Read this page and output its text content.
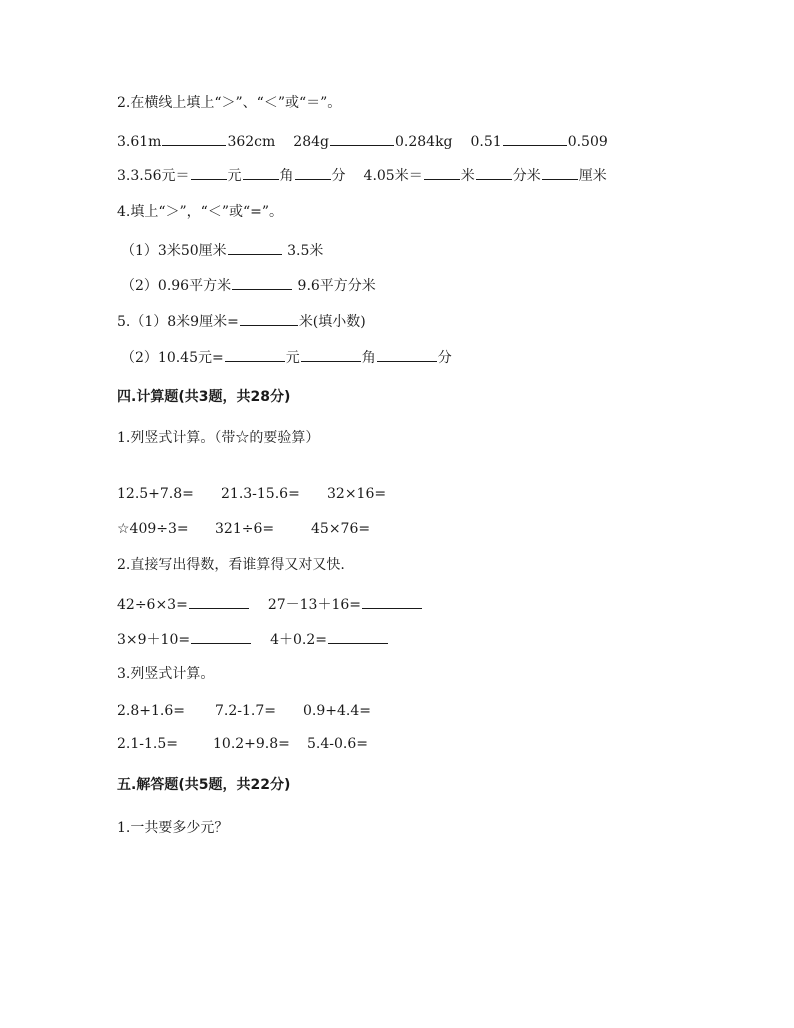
2.在横线上填上“＞”、“＜”或“＝”。
3.61m	362cm 284g	0.284kg 0.51	0.509
3.3.56元＝	元	角	分 4.05米＝	米	分米	厘米
4.填上“＞”，“＜”或“=”。
（1）3米50厘米	3.5米
（2）0.96平方米	9.6平方分米
5.（1）8米9厘米=	米(填小数)
（2）10.45元=	元	角	分
四.计算题(共3题，共28分)
1.列竖式计算。（带☆的要验算）
12.5+7.8= 21.3-15.6= 32×16=
☆409÷3= 321÷6=	45×76=
2.直接写出得数，看谁算得又对又快.
42÷6×3=	27－13＋16=
3×9＋10=	4＋0.2=
3.列竖式计算。
2.8+1.6= 7.2-1.7= 0.9+4.4=
2.1-1.5=	10.2+9.8= 5.4-0.6=
五.解答题(共5题，共22分)
1.一共要多少元？
